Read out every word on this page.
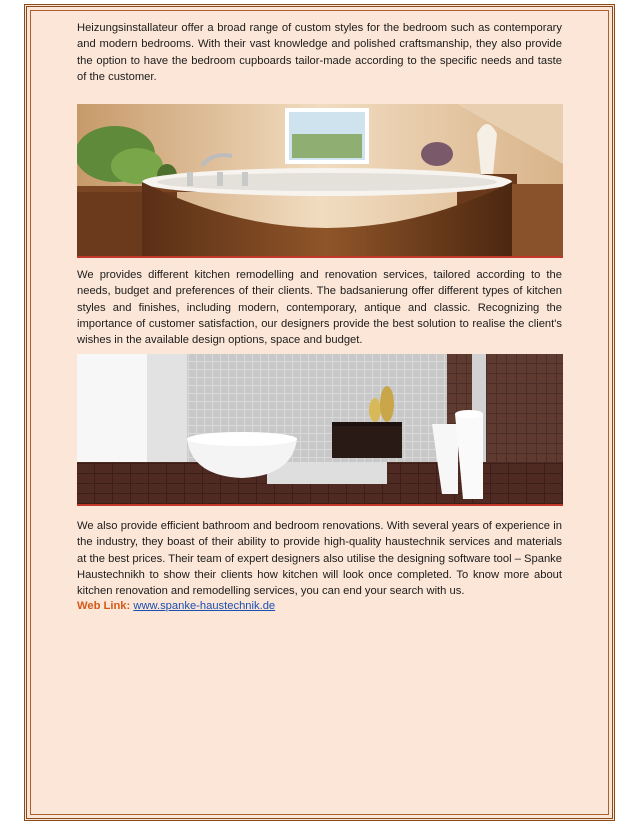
Heizungsinstallateur offer a broad range of custom styles for the bedroom such as contemporary and modern bedrooms. With their vast knowledge and polished craftsmanship, they also provide the option to have the bedroom cupboards tailor-made according to the specific needs and taste of the customer.

We provides different kitchen remodelling and renovation services, tailored according to the needs, budget and preferences of their clients. The badsanierung offer different types of kitchen styles and finishes, including modern, contemporary, antique and classic. Recognizing the importance of customer satisfaction, our designers provide the best solution to realise the client's wishes in the available design options, space and budget.

We also provide efficient bathroom and bedroom renovations. With several years of experience in the industry, they boast of their ability to provide high-quality haustechnik services and materials at the best prices. Their team of expert designers also utilise the designing software tool – Spanke Haustechnikh to show their clients how kitchen will look once completed. To know more about kitchen renovation and remodelling services, you can end your search with us.

Web Link: www.spanke-haustechnik.de
